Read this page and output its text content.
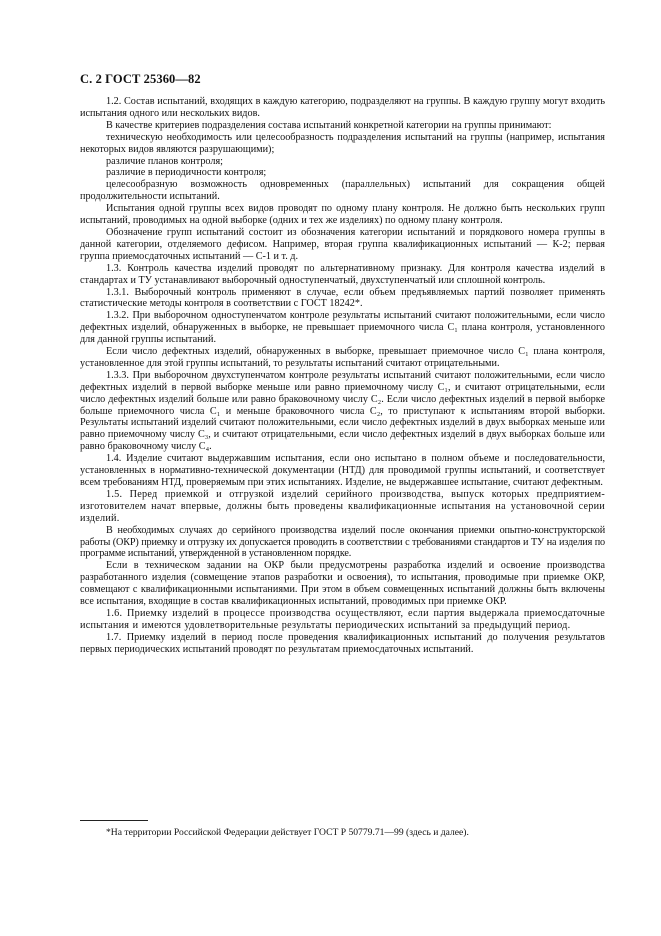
С. 2 ГОСТ 25360—82

1.2. Состав испытаний, входящих в каждую категорию, подразделяют на группы. В каждую группу могут входить испытания одного или нескольких видов.

В качестве критериев подразделения состава испытаний конкретной категории на группы принимают:

техническую необходимость или целесообразность подразделения испытаний на группы (например, испытания некоторых видов являются разрушающими);

различие планов контроля;

различие в периодичности контроля;

целесообразную возможность одновременных (параллельных) испытаний для сокращения общей продолжительности испытаний.

Испытания одной группы всех видов проводят по одному плану контроля. Не должно быть нескольких групп испытаний, проводимых на одной выборке (одних и тех же изделиях) по одному плану контроля.

Обозначение групп испытаний состоит из обозначения категории испытаний и порядкового номера группы в данной категории, отделяемого дефисом. Например, вторая группа квалификационных испытаний — К-2; первая группа приемосдаточных испытаний — С-1 и т. д.

1.3. Контроль качества изделий проводят по альтернативному признаку. Для контроля качества изделий в стандартах и ТУ устанавливают выборочный одноступенчатый, двухступенчатый или сплошной контроль.

1.3.1. Выборочный контроль применяют в случае, если объем предъявляемых партий позволяет применять статистические методы контроля в соответствии с ГОСТ 18242*.

1.3.2. При выборочном одноступенчатом контроле результаты испытаний считают положительными, если число дефектных изделий, обнаруженных в выборке, не превышает приемочного числа C₁ плана контроля, установленного для данной группы испытаний.

Если число дефектных изделий, обнаруженных в выборке, превышает приемочное число C₁ плана контроля, установленное для этой группы испытаний, то результаты испытаний считают отрицательными.

1.3.3. При выборочном двухступенчатом контроле результаты испытаний считают положительными, если число дефектных изделий в первой выборке меньше или равно приемочному числу C₁, и считают отрицательными, если число дефектных изделий больше или равно браковочному числу C₂. Если число дефектных изделий в первой выборке больше приемочного числа C₁ и меньше браковочного числа C₂, то приступают к испытаниям второй выборки. Результаты испытаний изделий считают положительными, если число дефектных изделий в двух выборках меньше или равно приемочному числу C₃, и считают отрицательными, если число дефектных изделий в двух выборках больше или равно браковочному числу C₄.

1.4. Изделие считают выдержавшим испытания, если оно испытано в полном объеме и последовательности, установленных в нормативно-технической документации (НТД) для проводимой группы испытаний, и соответствует всем требованиям НТД, проверяемым при этих испытаниях. Изделие, не выдержавшее испытание, считают дефектным.

1.5. Перед приемкой и отгрузкой изделий серийного производства, выпуск которых предприятием-изготовителем начат впервые, должны быть проведены квалификационные испытания на установочной серии изделий.

В необходимых случаях до серийного производства изделий после окончания приемки опытно-конструкторской работы (ОКР) приемку и отгрузку их допускается проводить в соответствии с требованиями стандартов и ТУ на изделия по программе испытаний, утвержденной в установленном порядке.

Если в техническом задании на ОКР были предусмотрены разработка изделий и освоение производства разработанного изделия (совмещение этапов разработки и освоения), то испытания, проводимые при приемке ОКР, совмещают с квалификационными испытаниями. При этом в объем совмещенных испытаний должны быть включены все испытания, входящие в состав квалификационных испытаний, проводимых при приемке ОКР.

1.6. Приемку изделий в процессе производства осуществляют, если партия выдержала приемосдаточные испытания и имеются удовлетворительные результаты периодических испытаний за предыдущий период.

1.7. Приемку изделий в период после проведения квалификационных испытаний до получения результатов первых периодических испытаний проводят по результатам приемосдаточных испытаний.

*На территории Российской Федерации действует ГОСТ Р 50779.71—99 (здесь и далее).
